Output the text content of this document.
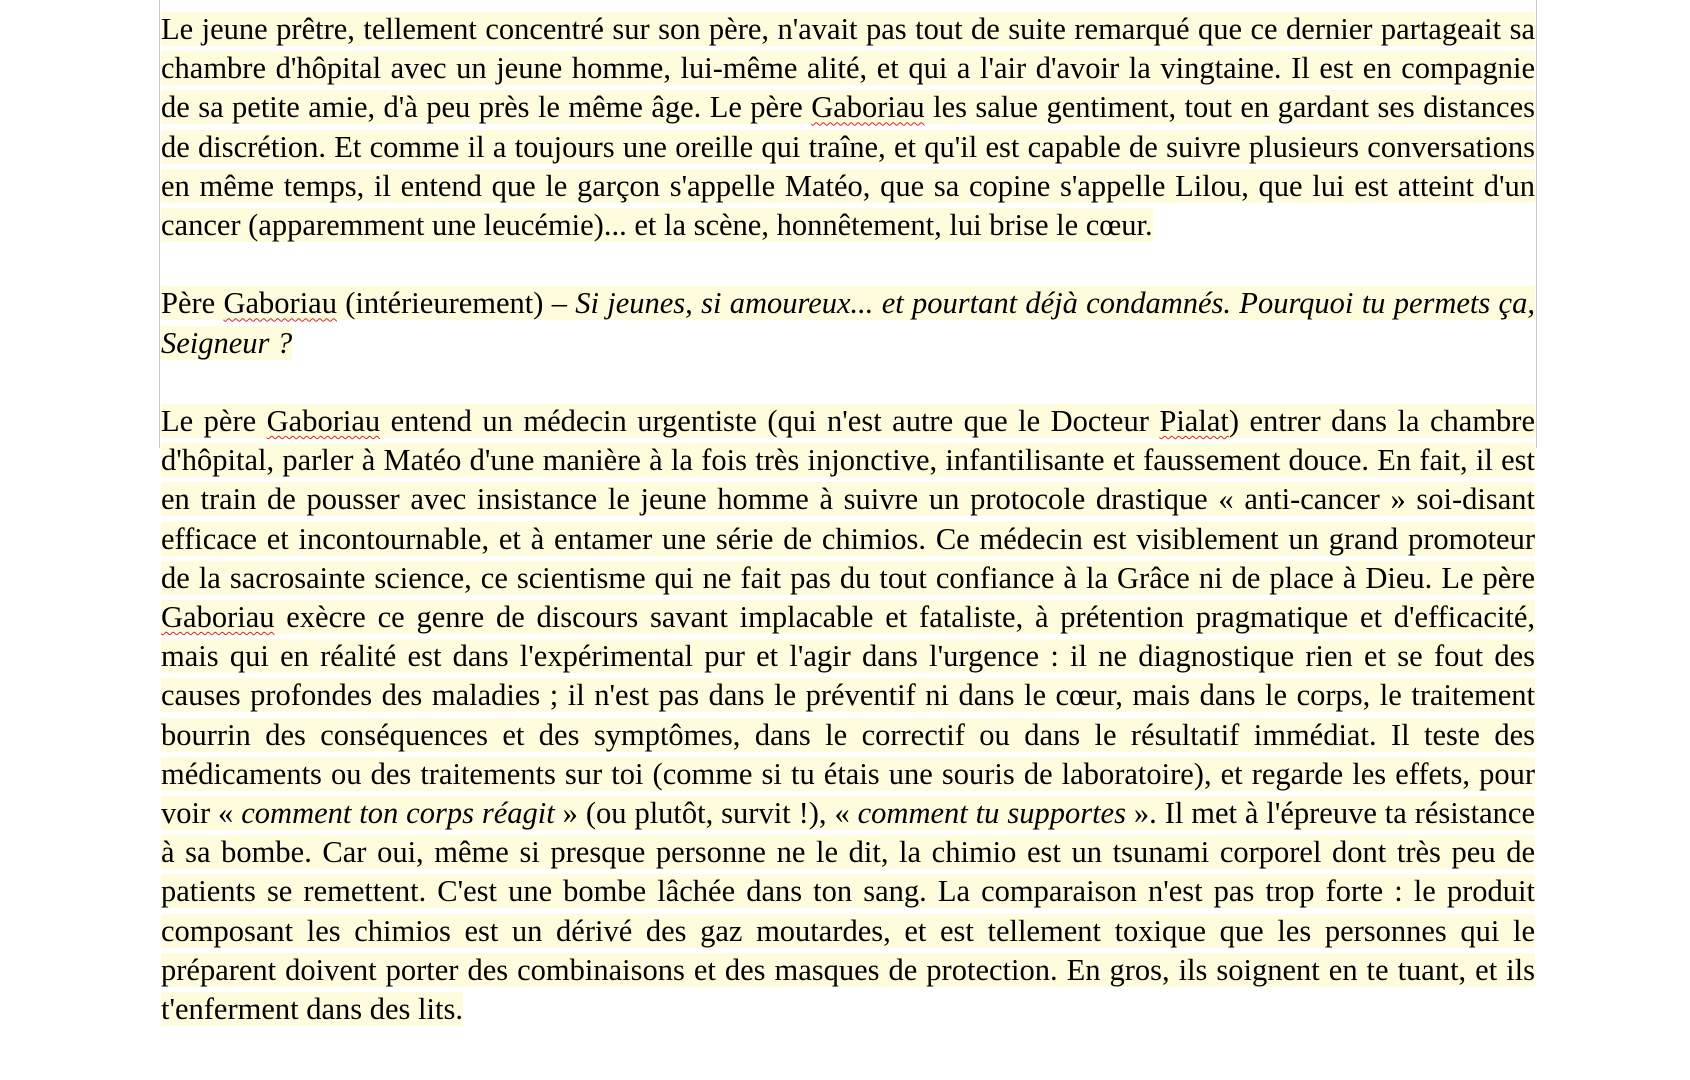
Le jeune prêtre, tellement concentré sur son père, n'avait pas tout de suite remarqué que ce dernier partageait sa chambre d'hôpital avec un jeune homme, lui-même alité, et qui a l'air d'avoir la vingtaine. Il est en compagnie de sa petite amie, d'à peu près le même âge. Le père Gaboriau les salue gentiment, tout en gardant ses distances de discrétion. Et comme il a toujours une oreille qui traîne, et qu'il est capable de suivre plusieurs conversations en même temps, il entend que le garçon s'appelle Matéo, que sa copine s'appelle Lilou, que lui est atteint d'un cancer (apparemment une leucémie)... et la scène, honnêtement, lui brise le cœur.

Père Gaboriau (intérieurement) – Si jeunes, si amoureux... et pourtant déjà condamnés. Pourquoi tu permets ça, Seigneur ?

Le père Gaboriau entend un médecin urgentiste (qui n'est autre que le Docteur Pialat) entrer dans la chambre d'hôpital, parler à Matéo d'une manière à la fois très injonctive, infantilisante et faussement douce. En fait, il est en train de pousser avec insistance le jeune homme à suivre un protocole drastique « anti-cancer » soi-disant efficace et incontournable, et à entamer une série de chimios. Ce médecin est visiblement un grand promoteur de la sacrosainte science, ce scientisme qui ne fait pas du tout confiance à la Grâce ni de place à Dieu. Le père Gaboriau exècre ce genre de discours savant implacable et fataliste, à prétention pragmatique et d'efficacité, mais qui en réalité est dans l'expérimental pur et l'agir dans l'urgence : il ne diagnostique rien et se fout des causes profondes des maladies ; il n'est pas dans le préventif ni dans le cœur, mais dans le corps, le traitement bourrin des conséquences et des symptômes, dans le correctif ou dans le résultatif immédiat. Il teste des médicaments ou des traitements sur toi (comme si tu étais une souris de laboratoire), et regarde les effets, pour voir « comment ton corps réagit » (ou plutôt, survit !), « comment tu supportes ». Il met à l'épreuve ta résistance à sa bombe. Car oui, même si presque personne ne le dit, la chimio est un tsunami corporel dont très peu de patients se remettent. C'est une bombe lâchée dans ton sang. La comparaison n'est pas trop forte : le produit composant les chimios est un dérivé des gaz moutardes, et est tellement toxique que les personnes qui le préparent doivent porter des combinaisons et des masques de protection. En gros, ils soignent en te tuant, et ils t'enferment dans des lits.
